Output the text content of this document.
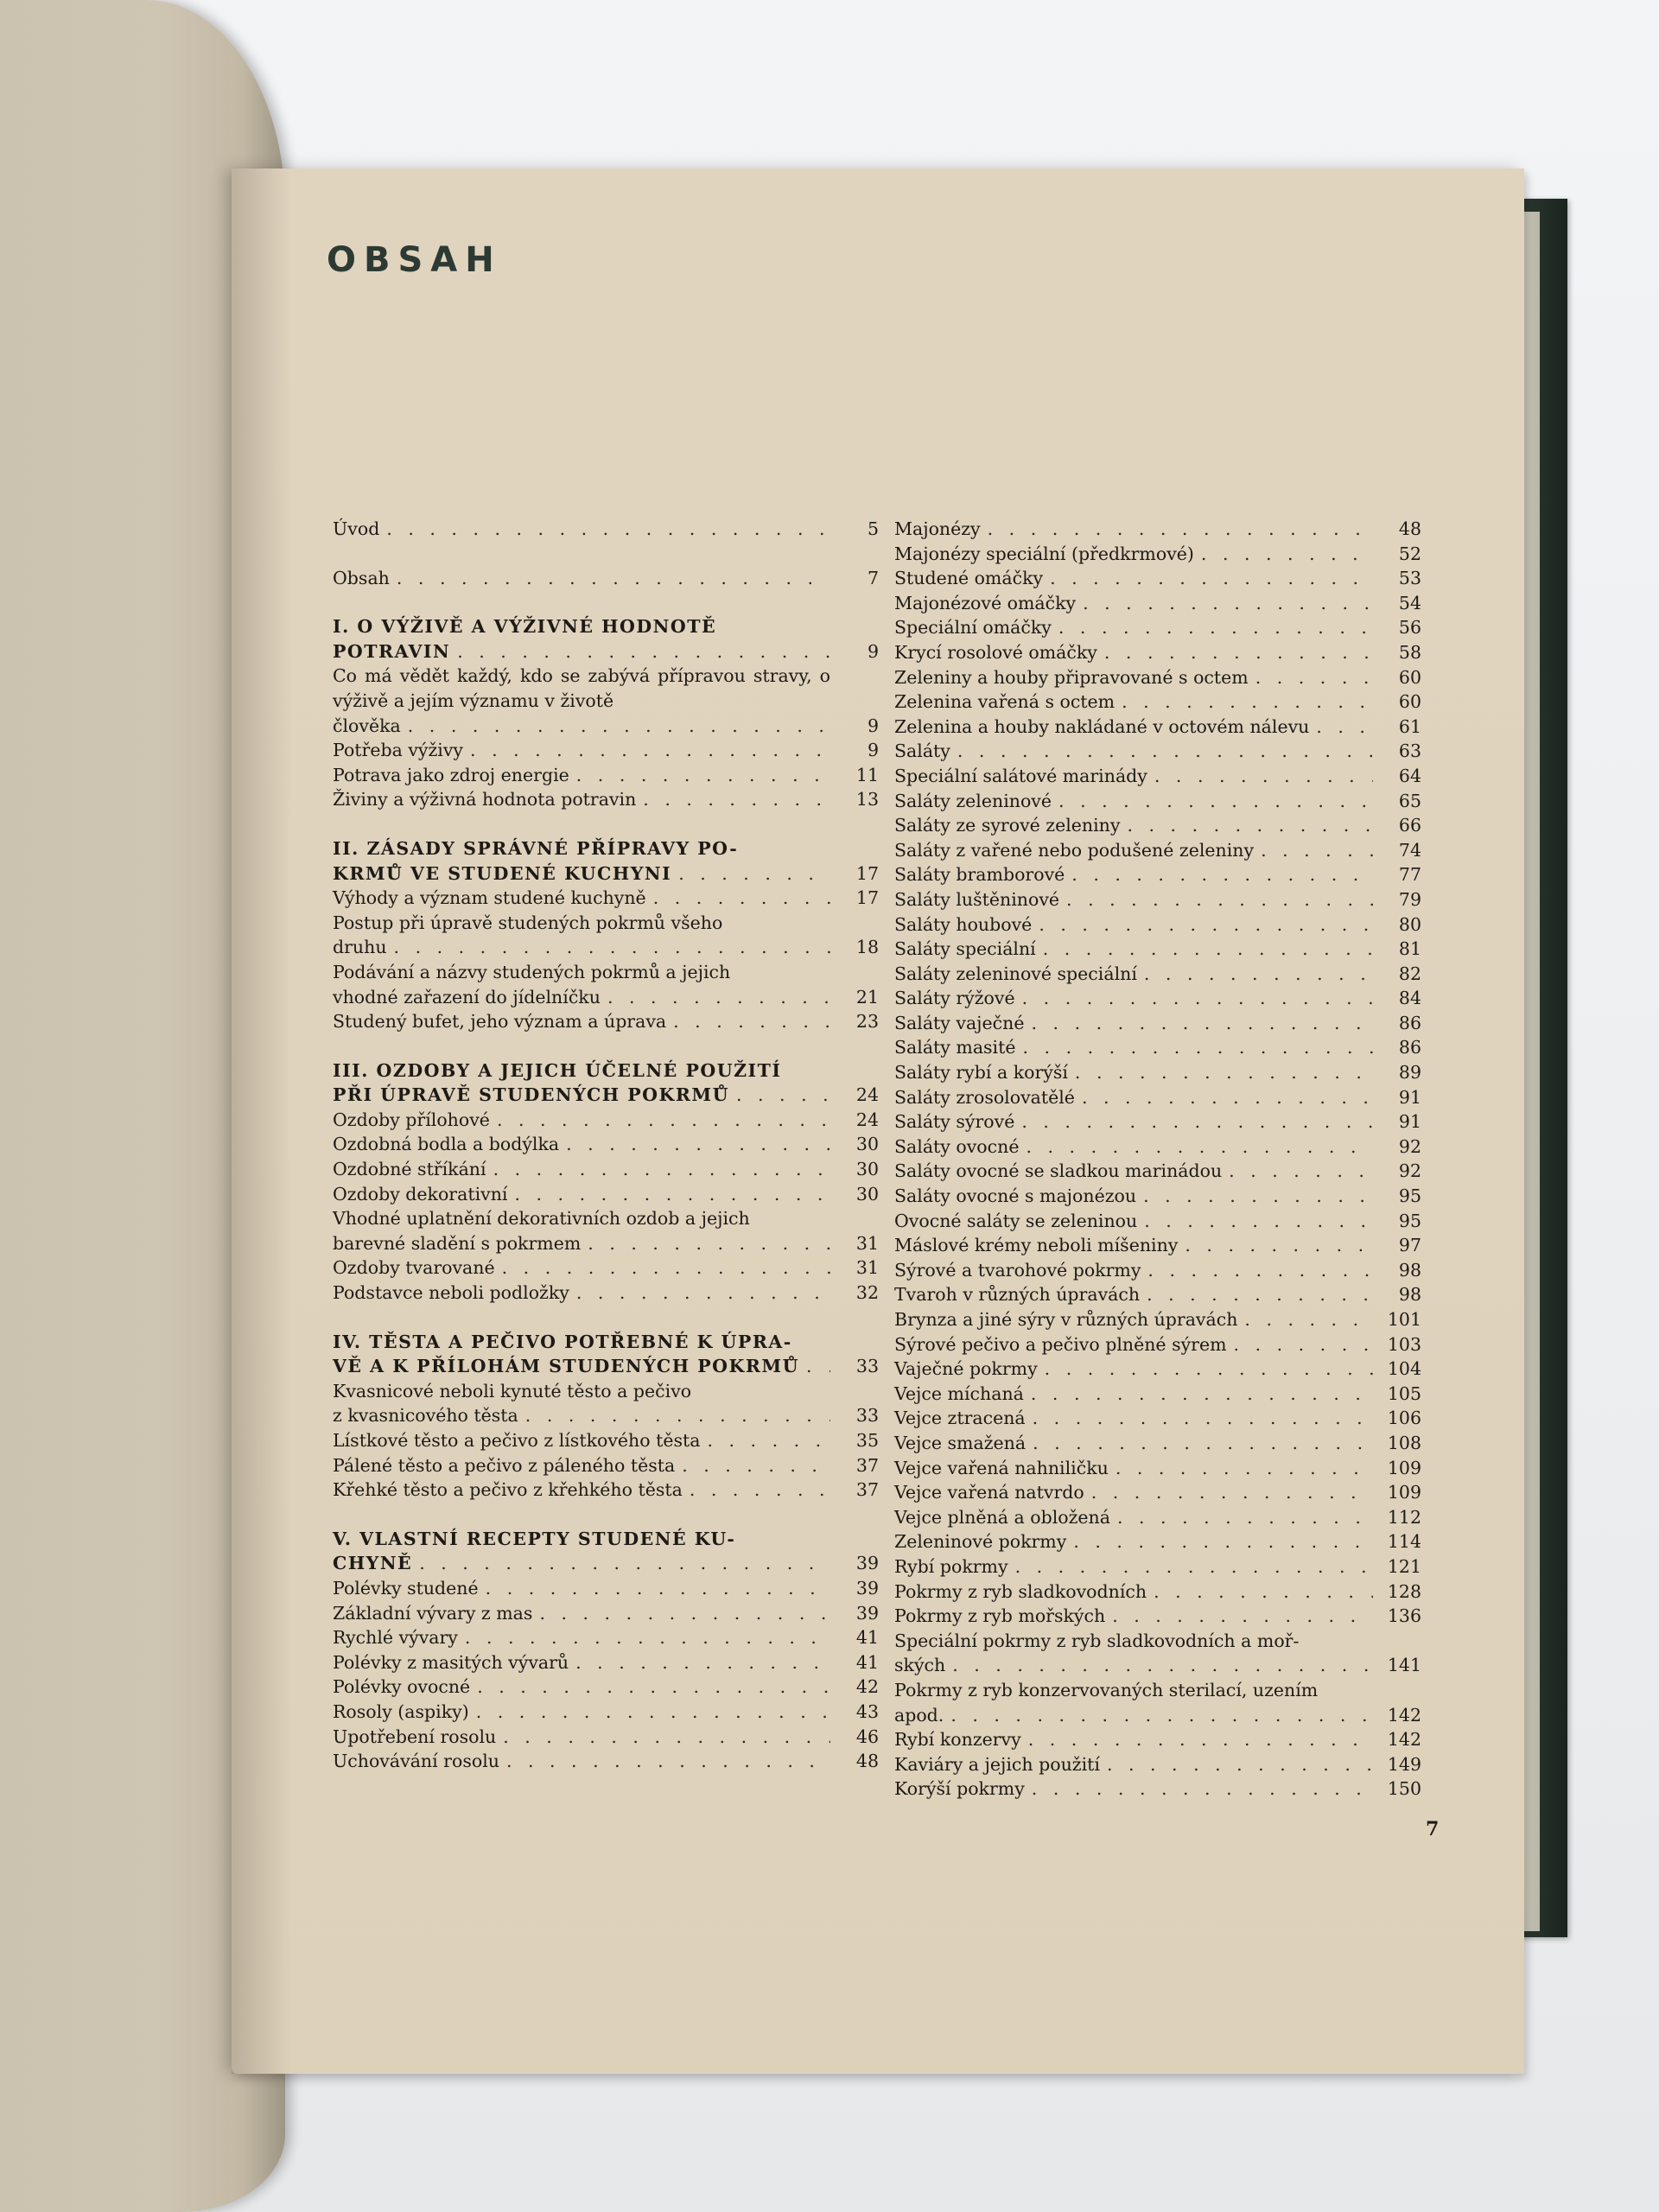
OBSAH
Úvod . . .	5
Obsah . . .	7
I. O VÝŽIVĚ A VÝŽIVNÉ HODNOTĚ
POTRAVIN . . .	9
Co má vědět každý, kdo se zabývá přípravou stravy, o výživě a jejím významu v životě
člověka . . .	9
Potřeba výživy . . .	9
Potrava jako zdroj energie . . .	11
Živiny a výživná hodnota potravin . . .	13
II. ZÁSADY SPRÁVNÉ PŘÍPRAVY PO-
KRMŮ VE STUDENÉ KUCHYNI . . .	17
Výhody a význam studené kuchyně . . .	17
Postup při úpravě studených pokrmů všeho
druhu . . .	18
Podávání a názvy studených pokrmů a jejich
vhodné zařazení do jídelníčku . . .	21
Studený bufet, jeho význam a úprava . . .	23
III. OZDOBY A JEJICH ÚČELNÉ POUŽITÍ
PŘI ÚPRAVĚ STUDENÝCH POKRMŮ . . .	24
Ozdoby přílohové . . .	24
Ozdobná bodla a bodýlka . . .	30
Ozdobné stříkání . . .	30
Ozdoby dekorativní . . .	30
Vhodné uplatnění dekorativních ozdob a jejich
barevné sladění s pokrmem . . .	31
Ozdoby tvarované . . .	31
Podstavce neboli podložky . . .	32
IV. TĚSTA A PEČIVO POTŘEBNÉ K ÚPRA-
VĚ A K PŘÍLOHÁM STUDENÝCH POKRMŮ . . .	33
Kvasnicové neboli kynuté těsto a pečivo
z kvasnicového těsta . . .	33
Lístkové těsto a pečivo z lístkového těsta . . .	35
Pálené těsto a pečivo z páleného těsta . . .	37
Křehké těsto a pečivo z křehkého těsta . . .	37
V. VLASTNÍ RECEPTY STUDENÉ KU-
CHYNĚ . . .	39
Polévky studené . . .	39
Základní vývary z mas . . .	39
Rychlé vývary . . .	41
Polévky z masitých vývarů . . .	41
Polévky ovocné . . .	42
Rosoly (aspiky) . . .	43
Upotřebení rosolu . . .	46
Uchovávání rosolu . . .	48
Majonézy . . .	48
Majonézy speciální (předkrmové) . . .	52
Studené omáčky . . .	53
Majonézové omáčky . . .	54
Speciální omáčky . . .	56
Krycí rosolové omáčky . . .	58
Zeleniny a houby připravované s octem . . .	60
Zelenina vařená s octem . . .	60
Zelenina a houby nakládané v octovém nálevu . . .	61
Saláty . . .	63
Speciální salátové marinády . . .	64
Saláty zeleninové . . .	65
Saláty ze syrové zeleniny . . .	66
Saláty z vařené nebo podušené zeleniny . . .	74
Saláty bramborové . . .	77
Saláty luštěninové . . .	79
Saláty houbové . . .	80
Saláty speciální . . .	81
Saláty zeleninové speciální . . .	82
Saláty rýžové . . .	84
Saláty vaječné . . .	86
Saláty masité . . .	86
Saláty rybí a korýší . . .	89
Saláty zrosolovatělé . . .	91
Saláty sýrové . . .	91
Saláty ovocné . . .	92
Saláty ovocné se sladkou marinádou . . .	92
Saláty ovocné s majonézou . . .	95
Ovocné saláty se zeleninou . . .	95
Máslové krémy neboli míšeniny . . .	97
Sýrové a tvarohové pokrmy . . .	98
Tvaroh v různých úpravách . . .	98
Brynza a jiné sýry v různých úpravách . . .	101
Sýrové pečivo a pečivo plněné sýrem . . .	103
Vaječné pokrmy . . .	104
Vejce míchaná . . .	105
Vejce ztracená . . .	106
Vejce smažená . . .	108
Vejce vařená nahniličku . . .	109
Vejce vařená natvrdo . . .	109
Vejce plněná a obložená . . .	112
Zeleninové pokrmy . . .	114
Rybí pokrmy . . .	121
Pokrmy z ryb sladkovodních . . .	128
Pokrmy z ryb mořských . . .	136
Speciální pokrmy z ryb sladkovodních a moř-
ských . . .	141
Pokrmy z ryb konzervovaných sterilací, uzením
apod. . . .	142
Rybí konzervy . . .	142
Kaviáry a jejich použití . . .	149
Korýší pokrmy . . .	150
7
